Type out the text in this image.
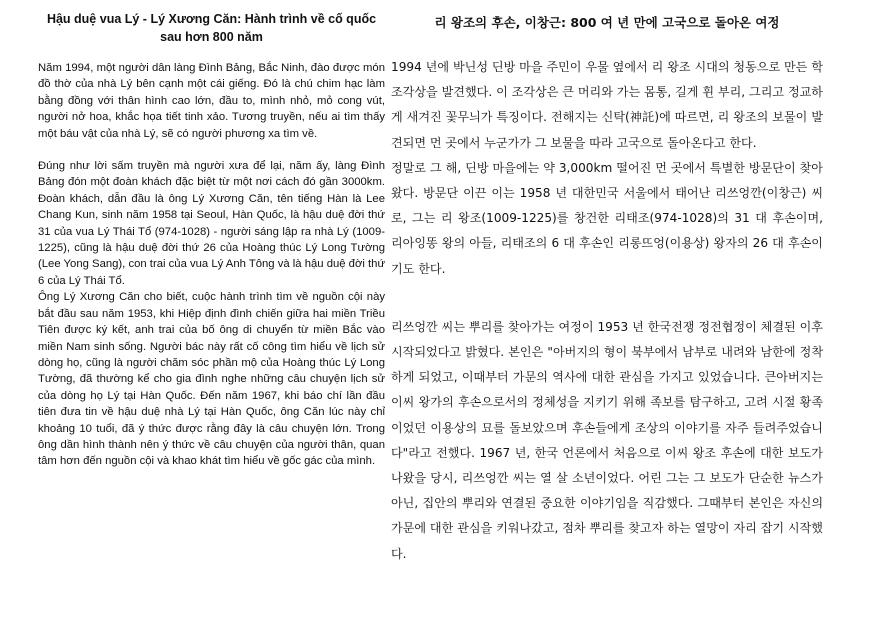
Hậu duệ vua Lý - Lý Xương Căn: Hành trình về cố quốc sau hơn 800 năm

Năm 1994, một người dân làng Đình Bảng, Bắc Ninh, đào được món đồ thờ của nhà Lý bên cạnh một cái giếng. Đó là chú chim hạc làm bằng đồng với thân hình cao lớn, đầu to, mình nhỏ, mỏ cong vút, người nở hoa, khắc họa tiết tinh xảo. Tương truyền, nếu ai tìm thấy một báu vật của nhà Lý, sẽ có người phương xa tìm về.

Đúng như lời sấm truyền mà người xưa để lại, năm ấy, làng Đình Bảng đón một đoàn khách đặc biệt từ một nơi cách đó gần 3000km. Đoàn khách, dẫn đầu là ông Lý Xương Căn, tên tiếng Hàn là Lee Chang Kun, sinh năm 1958 tại Seoul, Hàn Quốc, là hậu duệ đời thứ 31 của vua Lý Thái Tổ (974-1028) - người sáng lập ra nhà Lý (1009-1225), cũng là hậu duệ đời thứ 26 của Hoàng thúc Lý Long Tường (Lee Yong Sang), con trai của vua Lý Anh Tông và là hậu duệ đời thứ 6 của Lý Thái Tổ.

Ông Lý Xương Căn cho biết, cuộc hành trình tìm về nguồn cội này bắt đầu sau năm 1953, khi Hiệp định đình chiến giữa hai miền Triều Tiên được ký kết, anh trai của bố ông di chuyển từ miền Bắc vào miền Nam sinh sống. Người bác này rất cố công tìm hiểu về lịch sử dòng họ, cũng là người chăm sóc phần mộ của Hoàng thúc Lý Long Tường, đã thường kể cho gia đình nghe những câu chuyện lịch sử của dòng họ Lý tại Hàn Quốc. Đến năm 1967, khi báo chí lần đầu tiên đưa tin về hậu duệ nhà Lý tại Hàn Quốc, ông Căn lúc này chỉ khoảng 10 tuổi, đã ý thức được rằng đây là câu chuyện lớn. Trong ông dần hình thành nên ý thức về câu chuyện của người thân, quan tâm hơn đến nguồn cội và khao khát tìm hiểu về gốc gác của mình.

리 왕조의 후손, 이창근: 800 여 년 만에 고국으로 돌아온 여정

1994 년에 박닌성 딘방 마을 주민이 우물 옆에서 리 왕조 시대의 청동으로 만든 학 조각상을 발견했다. 이 조각상은 큰 머리와 가는 몸통, 길게 휜 부리, 그리고 정교하게 새겨진 꽃무늬가 특징이다. 전해지는 신탁(神託)에 따르면, 리 왕조의 보물이 발견되면 먼 곳에서 누군가가 그 보물을 따라 고국으로 돌아온다고 한다.

정말로 그 해, 딘방 마을에는 약 3,000km 떨어진 먼 곳에서 특별한 방문단이 찾아왔다. 방문단 이끈 이는 1958 년 대한민국 서울에서 태어난 리쓰엉깐(이창근) 씨로, 그는 리 왕조(1009-1225)를 창건한 리태조(974-1028)의 31 대 후손이며, 리아잉똥 왕의 아들, 리태조의 6 대 후손인 리롱뜨엉(이용상) 왕자의 26 대 후손이기도 한다.

리쓰엉깐 씨는 뿌리를 찾아가는 여정이 1953 년 한국전쟁 정전협정이 체결된 이후 시작되었다고 밝혔다. 본인은 "아버지의 형이 북부에서 남부로 내려와 남한에 정착하게 되었고, 이때부터 가문의 역사에 대한 관심을 가지고 있었습니다. 큰아버지는 이씨 왕가의 후손으로서의 정체성을 지키기 위해 족보를 탐구하고, 고려 시절 황족이었던 이용상의 묘를 돌보았으며 후손들에게 조상의 이야기를 자주 들려주었습니다"라고 전했다. 1967 년, 한국 언론에서 처음으로 이씨 왕조 후손에 대한 보도가 나왔을 당시, 리쓰엉깐 씨는 열 살 소년이었다. 어린 그는 그 보도가 단순한 뉴스가 아닌, 집안의 뿌리와 연결된 중요한 이야기임을 직감했다. 그때부터 본인은 자신의 가문에 대한 관심을 키워나갔고, 점차 뿌리를 찾고자 하는 열망이 자리 잡기 시작했다.
